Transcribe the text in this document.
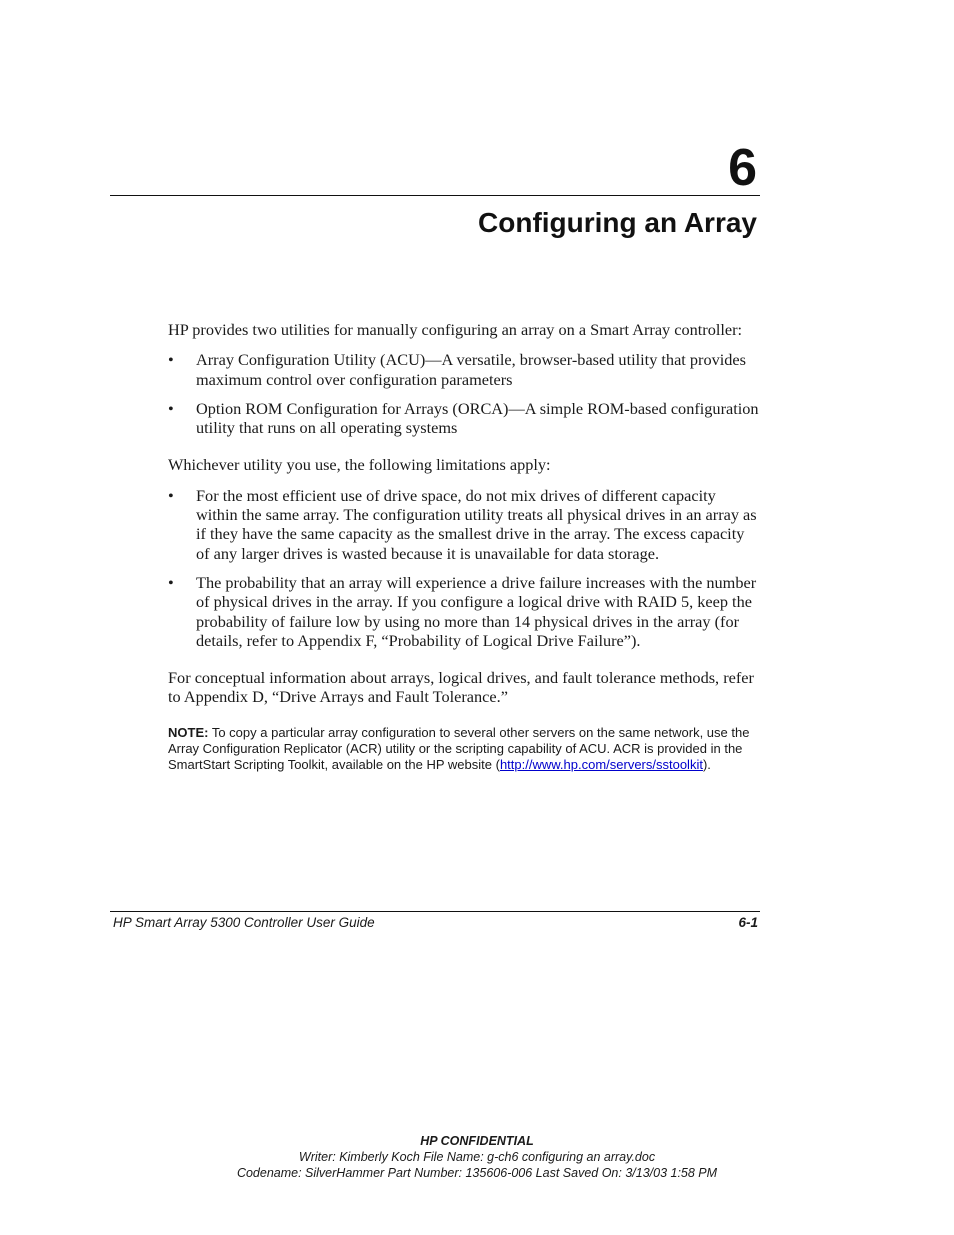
6
Configuring an Array

HP provides two utilities for manually configuring an array on a Smart Array controller:

•	Array Configuration Utility (ACU)—A versatile, browser-based utility that provides maximum control over configuration parameters
•	Option ROM Configuration for Arrays (ORCA)—A simple ROM-based configuration utility that runs on all operating systems

Whichever utility you use, the following limitations apply:

•	For the most efficient use of drive space, do not mix drives of different capacity within the same array. The configuration utility treats all physical drives in an array as if they have the same capacity as the smallest drive in the array. The excess capacity of any larger drives is wasted because it is unavailable for data storage.
•	The probability that an array will experience a drive failure increases with the number of physical drives in the array. If you configure a logical drive with RAID 5, keep the probability of failure low by using no more than 14 physical drives in the array (for details, refer to Appendix F, “Probability of Logical Drive Failure”).

For conceptual information about arrays, logical drives, and fault tolerance methods, refer to Appendix D, “Drive Arrays and Fault Tolerance.”

NOTE: To copy a particular array configuration to several other servers on the same network, use the Array Configuration Replicator (ACR) utility or the scripting capability of ACU. ACR is provided in the SmartStart Scripting Toolkit, available on the HP website (http://www.hp.com/servers/sstoolkit).
HP Smart Array 5300 Controller User Guide	6-1
HP CONFIDENTIAL
Writer: Kimberly Koch File Name: g-ch6 configuring an array.doc
Codename: SilverHammer Part Number: 135606-006 Last Saved On: 3/13/03 1:58 PM
